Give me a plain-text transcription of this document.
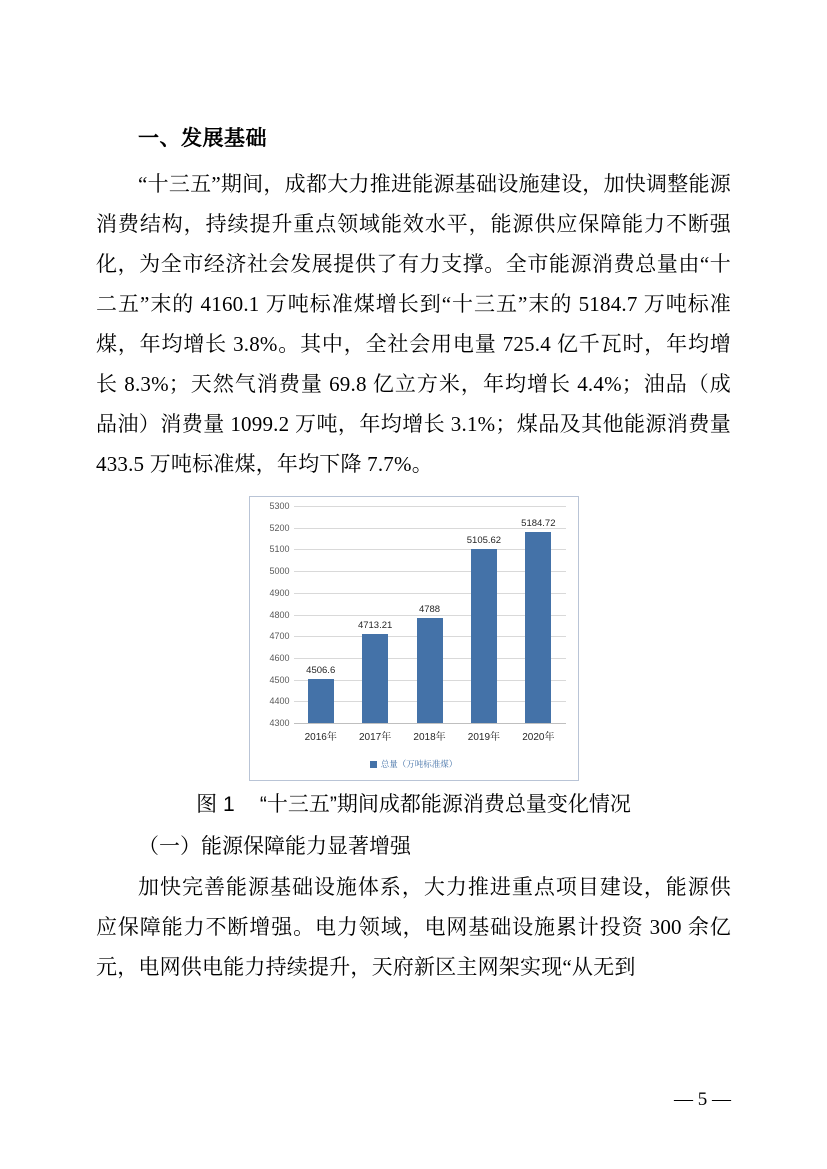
一、发展基础

“十三五”期间，成都大力推进能源基础设施建设，加快调整能源消费结构，持续提升重点领域能效水平，能源供应保障能力不断强化，为全市经济社会发展提供了有力支撑。全市能源消费总量由“十二五”末的 4160.1 万吨标准煤增长到“十三五”末的 5184.7 万吨标准煤，年均增长 3.8%。其中，全社会用电量 725.4 亿千瓦时，年均增长 8.3%；天然气消费量 69.8 亿立方米，年均增长 4.4%；油品（成品油）消费量 1099.2 万吨，年均增长 3.1%；煤品及其他能源消费量 433.5 万吨标准煤，年均下降 7.7%。

5300
5200
5100
5000
4900
4800
4700
4600
4500
4400
4300
4506.6
4713.21
4788
5105.62
5184.72
2016年	2017年	2018年	2019年	2020年
总量（万吨标准煤）

图 1 “十三五”期间成都能源消费总量变化情况

（一）能源保障能力显著增强

加快完善能源基础设施体系，大力推进重点项目建设，能源供应保障能力不断增强。电力领域，电网基础设施累计投资 300 余亿元，电网供电能力持续提升，天府新区主网架实现“从无到

— 5 —
